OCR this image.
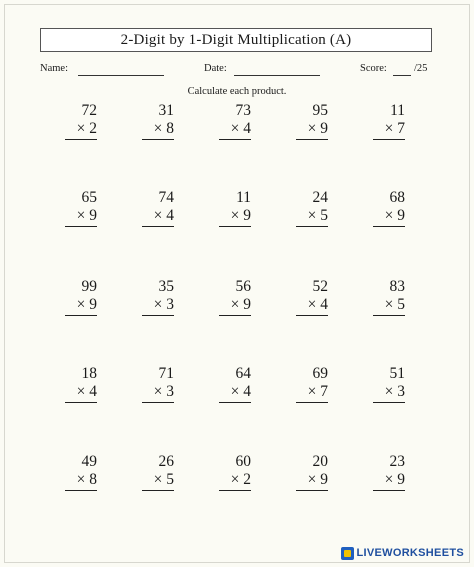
2-Digit by 1-Digit Multiplication (A)
Name:	Date:	Score:	/25
Calculate each product.
72
× 2
31
× 8
73
× 4
95
× 9
11
× 7
65
× 9
74
× 4
11
× 9
24
× 5
68
× 9
99
× 9
35
× 3
56
× 9
52
× 4
83
× 5
18
× 4
71
× 3
64
× 4
69
× 7
51
× 3
49
× 8
26
× 5
60
× 2
20
× 9
23
× 9
LIVEWORKSHEETS
